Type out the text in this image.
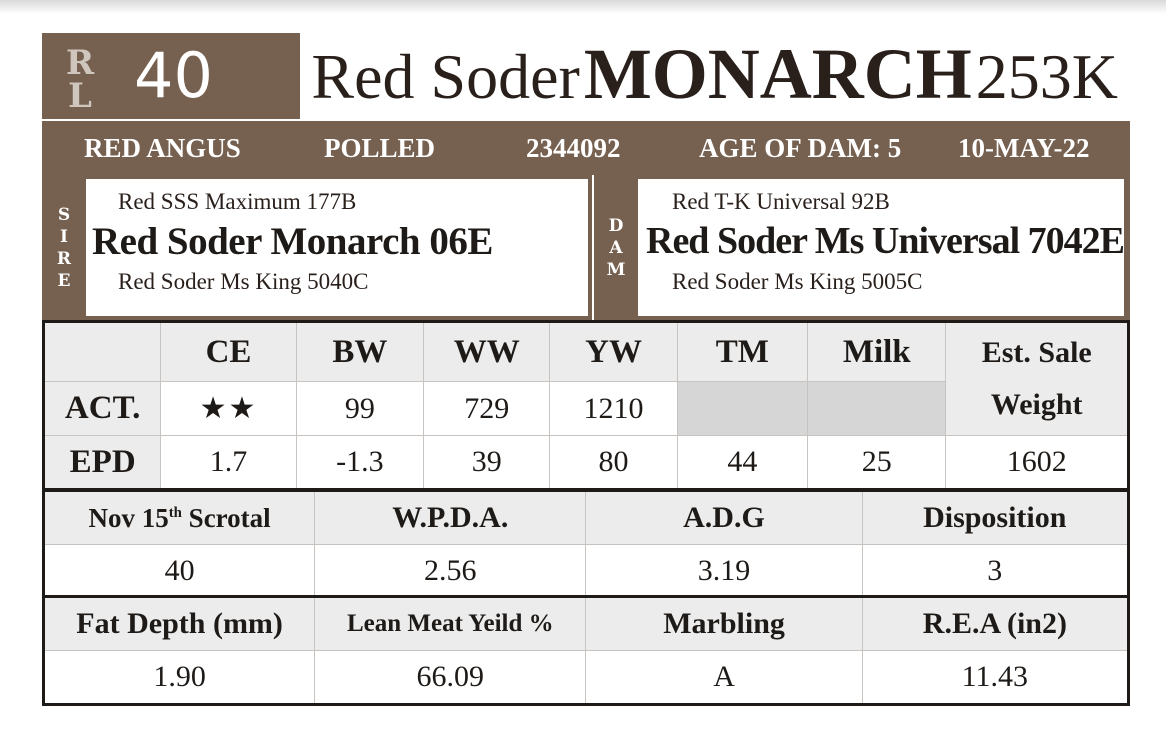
R
L 40 Red Soder MONARCH 253K
RED ANGUS	POLLED	2344092	AGE OF DAM: 5 10-MAY-22
S
I
R
E
Red SSS Maximum 177B
Red Soder Monarch 06E
Red Soder Ms King 5040C
D
A
M
Red T-K Universal 92B
Red Soder Ms Universal 7042E
Red Soder Ms King 5005C
	CE	BW	WW	YW	TM	Milk	Est. Sale
Weight

ACT.	★★	99	729	1210			
EPD	1.7	-1.3	39	80	44	25	1602
Nov 15th Scrotal	W.P.D.A.	A.D.G	Disposition
40	2.56	3.19	3
Fat Depth (mm)	Lean Meat Yeild %	Marbling	R.E.A (in2)
1.90	66.09	A	11.43
